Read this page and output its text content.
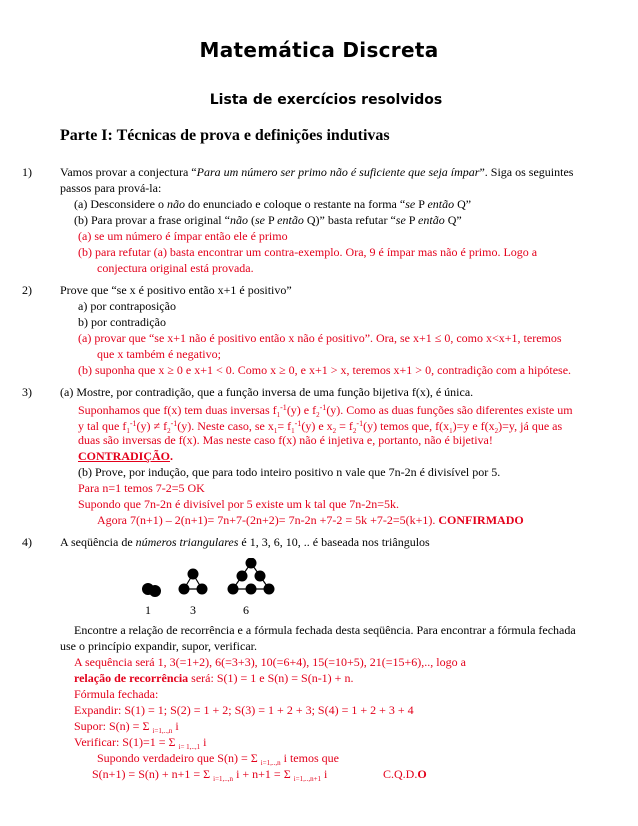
Matemática Discreta
Lista de exercícios resolvidos
Parte I: Técnicas de prova e definições indutivas
1) Vamos provar a conjectura “Para um número ser primo não é suficiente que seja ímpar”. Siga os seguintes
passos para prová-la:
(a) Desconsidere o não do enunciado e coloque o restante na forma “se P então Q”
(b) Para provar a frase original “não (se P então Q)” basta refutar “se P então Q”
(a) se um número é ímpar então ele é primo
(b) para refutar (a) basta encontrar um contra-exemplo. Ora, 9 é ímpar mas não é primo. Logo a
conjectura original está provada.
2) Prove que “se x é positivo então x+1 é positivo”
a) por contraposição
b) por contradição
(a) provar que “se x+1 não é positivo então x não é positivo”. Ora, se x+1 ≤ 0, como x<x+1, teremos
que x também é negativo;
(b) suponha que x ≥ 0 e x+1 < 0. Como x ≥ 0, e x+1 > x, teremos x+1 > 0, contradição com a hipótese.
3) (a) Mostre, por contradição, que a função inversa de uma função bijetiva f(x), é única.
Suponhamos que f(x) tem duas inversas $f_1^{-1}(y)$ e $f_2^{-1}(y)$. Como as duas funções são diferentes existe um
y tal que $f_1^{-1}(y) \ne f_2^{-1}(y)$. Neste caso, se $x_1= f_1^{-1}(y)$ e $x_2 = f_2^{-1}(y)$ temos que, $f(x_1)=y$ e $f(x_2)=y$, já que as
duas são inversas de f(x). Mas neste caso f(x) não é injetiva e, portanto, não é bijetiva!
CONTRADIÇÃO.
(b) Prove, por indução, que para todo inteiro positivo n vale que 7n-2n é divisível por 5.
Para n=1 temos 7-2=5 OK
Supondo que 7n-2n é divisível por 5 existe um k tal que 7n-2n=5k.
Agora 7(n+1) – 2(n+1)= 7n+7-(2n+2)= 7n-2n +7-2 = 5k +7-2=5(k+1). CONFIRMADO
4) A seqüência de números triangulares é 1, 3, 6, 10, .. é baseada nos triângulos
1	3	6
Encontre a relação de recorrência e a fórmula fechada desta seqüência. Para encontrar a fórmula fechada
use o princípio expandir, supor, verificar.
A sequência será 1, 3(=1+2), 6(=3+3), 10(=6+4), 15(=10+5), 21(=15+6),.., logo a
relação de recorrência será: S(1) = 1 e S(n) = S(n-1) + n.
Fórmula fechada:
Expandir: S(1) = 1; S(2) = 1 + 2; S(3) = 1 + 2 + 3; S(4) = 1 + 2 + 3 + 4
Supor: S(n) = Σ $_{i=1,..,n}$ i
Verificar: S(1)=1 = Σ $_{i= 1,..,1}$ i
Supondo verdadeiro que S(n) = Σ $_{i=1,..,n}$ i temos que
S(n+1) = S(n) + n+1 = Σ $_{i=1,..,n}$ i + n+1 = Σ $_{i=1,..,n+1}$ i	C.Q.D.O
